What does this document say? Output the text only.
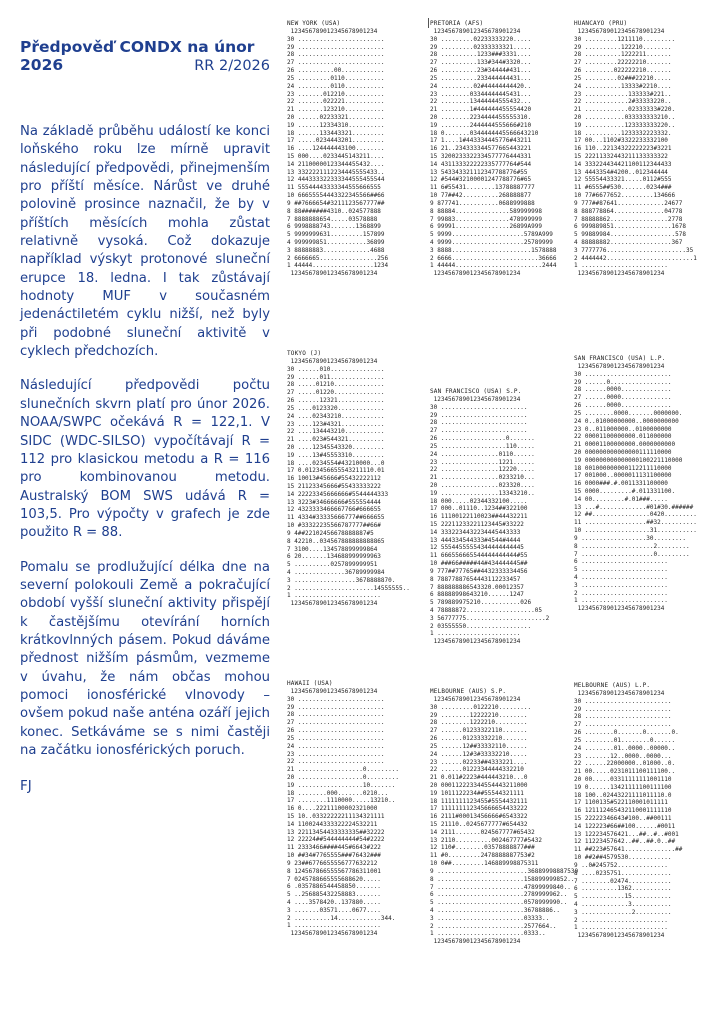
Předpověď CONDX na únor
2026	RR 2/2026

Na základě průběhu událostí ke konci loňského roku lze mírně upravit následující předpovědi, přinejmenším pro příští měsíce. Nárůst ve druhé polovině prosince naznačil, že by v příštích měsících mohla zůstat relativně vysoká. Což dokazuje například výskyt protonové sluneční erupce 18. ledna. I tak zůstávají hodnoty MUF v současném jedenáctiletém cyklu nižší, než byly při podobné sluneční aktivitě v cyklech předchozích.

Následující předpovědi počtu slunečních skvrn platí pro únor 2026. NOAA/SWPC očekává R = 122,1. V SIDC (WDC-SILSO) vypočítávají R = 112 pro klasickou metodu a R = 116 pro kombinovanou metodu. Australský BOM SWS udává R = 103,5. Pro výpočty v grafech je zde použito R = 88.

Pomalu se prodlužující délka dne na severní polokouli Země a pokračující období vyšší sluneční aktivity přispějí k častějšímu otevírání horních krátkovlnných pásem. Pokud dáváme přednost nižším pásmům, vezmeme v úvahu, že nám občas mohou pomoci ionosférické vlnovody – ovšem pokud naše anténa ozáří jejich konec. Setkáváme se s nimi častěji na začátku ionosférických poruch.

FJ
NEW YORK (USA)
123456789012345678901234
30 ........................
29 ........................
28 ........................
27 ........................
26 ..........00............
25 .........0110...........
24 .........0110...........
23 .......012210...........
22 .......022221...........
21 .......123210...........
20 ......02233321..........
19 ......12334310..........
18 ......133443321.........
17 .....0234443201.........
16 ....124444443100........
15 000....0233445143211....
14 21100000123344455432....
13 3322221112234445555433..
12 444333322333344555455544
11 55544443333344555666555
10 66655554443322345566##66
9 ##7666654#3211123567777##
8 88#######4310..024577888
7 8888888654.....03578888
6 9998888743.......1368899
5 9999999631.........157899
4 999999851...........36899
3 88888883.............4688
2 6666665................256
1 44444.................1234
123456789012345678901234
PRETORIA (AFS)
123456789012345678901234
30 .........02233333220.....
29 .........02333333321.....
28 ..........1233###3331....
27 ..........133#344#3320...
26 ..........23#34444#431...
25 ..........233444444431...
24 .........02#44444444420..
23 ........03344444445431...
22 ........13444444555432...
21 ........1#444444455554420
20 ........2234444455555310.
19 ........2444444555666#210
18 0.......0344444445566643210
17 1....1#443334445776#43211
16 21..234333344577665443221
15 3200233322334577776444331
14 431133322222335777764#544
13 543343321112347788776#55
12 #544#32100001247788776#65
11 6#55431........13788887777
10 77##42..........268888877
9 877741...........0688999888
8 88884...............589999998
7 99883...............478999999
6 99991...............26899A999
5 9999....................5789A999
4 9999....................25789999
3 8888......................1578888
2 6666........................36666
1 44444........................2444
123456789012345678901234
HUANCAYO (PRU)
123456789012345678901234
30 .........1211110.........
29 ..........122210........
28 ..........1222211.......
27 .........22222210.......
26 ........022222210.......
25 .........02###22210.....
24 ..........13333#2210....
23 ............133333#221..
22 ............2#33333220..
21 ............02333333#220.
20 ...........033333333210..
19 ...........123333333220..
18 ..........1233332223332.
17 00...1102#3322233332100
16 110..22134322222223#3221
15 22211332443211133333322
14 333224434421100112344433
13 4443354#4200..012344444
12 55554433321.....0112#555
11 #6555##530.......0234###
10 77#6677652.........134666
9 777##87641.............24677
8 888778864..............04778
7 88888862................2778
6 999889851................1678
5 99889984..................578
4 88888882.................367
3 7777776......................35
2 4444442........................1
1 ........................
123456789012345678901234
TOKYO (J)
123456789012345678901234
30 ......010...............
29 ......011...............
28 .....01210..............
27 .....01220..............
26 ......12321.............
25 ....0123320.............
24 ....02343210............
23 ....123#4321............
22 ....134443210...........
21 ....023#544321..........
20 ....12345543320.........
19 ....13#45553310.........
18 ....0234554#43210000...0
17 0.0123456655543211110.01
16 10013#45666#55432222112
15 21123345666#55433333222
14 22223345666666#5544444333
13 3223#34666666#555554444
12 4323333466667766#666655
11 4334#33335666777##666655
10 #33322235566787777##66#
9 4##22102456678888887#5
8 42210..034567888888888865
7 3100....134578899999864
6 20.......134688999999963
5 ..........0257899999951
4 ..............36789999984
3 .................3678888870.
2 ......................14555555..
1 ........................
123456789012345678901234
SAN FRANCISCO (USA) S.P.
123456789012345678901234
30 ........................
29 ........................
28 ........................
27 ........................
26 ..................0.......
25 ..................110.....
24 ................0110......
23 ................1221......
22 ................12220.....
21 ................0233210...
20 ................023320....
19 ................13343210..
18 000.....02344332100.....
17 000..01110..1234##322100
16 11100122110023##44432211
15 22211233221123445#33222
14 3332234432234445443333
13 444334544333#4544#4444
12 55544555554344444444445
11 666556665544444444444#55
10 ###66#####44#434444445##
9 777##77765##4432333334456
8 78877887654443112233457
7 888888886543320.00012357
6 88888998643210......1247
5 789889975210...........026
4 78888872...................05
3 56777775......................2
2 03555550..................
1 .......................
123456789012345678901234
SAN FRANCISCO (USA) L.P.
123456789012345678901234
30 ........................
29 ......0.................
28 ......0000..............
27 ......0000..............
26 ......0000..............
25 ........0000.......0000000.
24 0..01000000000..0000000000
23 0..011000000..0100000000
22 00001100000000.011000000
21 00001100000000.0000000000
20 000000000000000111110000
19 000000000000000100221110000
18 001000000000112211110000
17 001000..0000011131100000
16 0000###.#.0011331100000
15 0000.........#.011331100.
14 00.........#.01###.....
13 ...#.............#01#30.######
12 ##................0420.........
11 .................##32..........
10 ..................31...........
9 ..................30.........
8 ....................2.........
7 ....................0.........
6 ........................
5 ........................
4 ........................
3 ........................
2 ........................
1 ........................
123456789012345678901234
HAWAII (USA)
123456789012345678901234
30 ........................
29 ........................
28 ........................
27 ........................
26 ........................
25 ........................
24 ........................
23 ........................
22 ........................
21 ..................0.........
20 ..................0.........
19 ..................10.......
18 ........000.......0210...
17 ........1110000.....13210..
16 0....22211100002321000
15 10..03322222211134321111
14 1100244333322224532211
13 22113454433333335##32222
12 22224##544444444#54#2222
11 2333466####445#6643#222
10 ##34#7765555###76432###
9 23##6776655556777632212
8 124567866555567786311001
7 0245788665555688620.....
6 .0357886544458850.......
5 ..256885432258883.......
4 ....3578420..137880.....
3 .......03571....0677....
2 ..........14............344.
1 ........................
123456789012345678901234
MELBOURNE (AUS) S.P.
123456789012345678901234
30 .........0122210.........
29 ........12222210........
28 ........1222210.........
27 ......01233322110.......
26 ......01233332210.......
25 ......12##33332110......
24 ......12#3#33332210.....
23 ......02233##4333221....
22 ......01223344444332210
21 0.011#2223#444443210...0
20 000112223344554443211000
19 1011122234##55544321111
18 1111111123455#5554432111
17 111111112345666654433222
16 2111#00013456666#6543322
15 21110..0245677777#654432
14 2111.......024567777#65432
13 2110..........002467777#5432
12 110#........03578888877###
11 #0.........2478888887753#2
10 0##.........146889998875311
9 .........................36889998887530
8 ........................158899999852..
7 ........................47899999840..
6 ........................2789999962..
5 ........................0578999990..
4 ........................36788886..
3 ........................03333..
2 ........................2577664..
1 ........................0333..
123456789012345678901234
MELBOURNE (AUS) L.P.
123456789012345678901234
30 ........................
29 ........................
28 ........................
27 ........................
26 ........0.......0.......0.
25 ........01........0......
24 ........01..0000..00000..
23 .......12..0000..0000...
22 ......22000000..01000..0.
21 00.....0231011100111100..
20 00.....03311111111001110
19 0......13421111100111100
18 100..02443221111011110.0
17 1100135#522110001011111
16 121112465432110001111110
15 22222346643#100..##00111
14 122223#66##100......#0011
13 122234576421...##..#..#001
12 11223457642..##..##.0..##
11 ##223#57641..............##
10 ##2##4579530............
9 ..0#245752..............
8 ....0235751..............
7 ........02474............
6 ..........1362...........
5 ............15...........
4 .............3...........
3 ..............2..........
2 ........................
1 ........................
123456789012345678901234
